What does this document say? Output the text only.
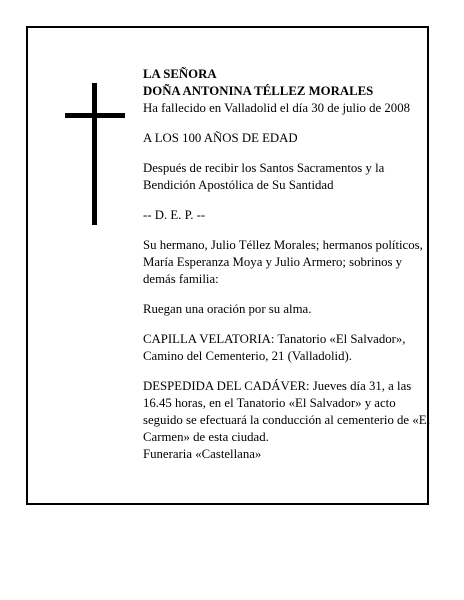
LA SEÑORA

DOÑA ANTONINA TÉLLEZ MORALES

Ha fallecido en Valladolid el día 30 de julio de 2008

A LOS 100 AÑOS DE EDAD

Después de recibir los Santos Sacramentos y la

Bendición Apostólica de Su Santidad

-- D. E. P. --

Su hermano, Julio Téllez Morales; hermanos políticos,

María Esperanza Moya y Julio Armero; sobrinos y

demás familia:

Ruegan una oración por su alma.

CAPILLA VELATORIA: Tanatorio «El Salvador»,

Camino del Cementerio, 21 (Valladolid).

DESPEDIDA DEL CADÁVER: Jueves día 31, a las

16.45 horas, en el Tanatorio «El Salvador» y acto

seguido se efectuará la conducción al cementerio de «El

Carmen» de esta ciudad.

Funeraria «Castellana»
